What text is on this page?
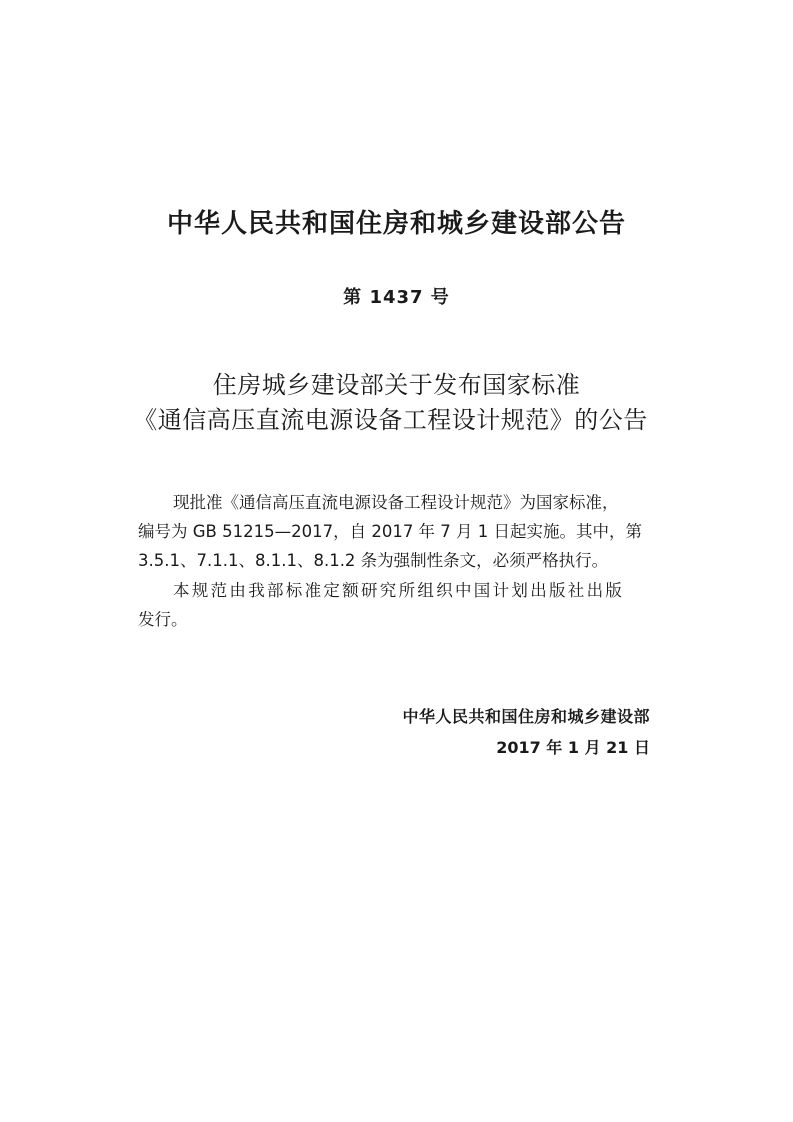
中华人民共和国住房和城乡建设部公告
第 1437 号
住房城乡建设部关于发布国家标准
《通信高压直流电源设备工程设计规范》的公告
现批准《通信高压直流电源设备工程设计规范》为国家标准，
编号为 GB 51215—2017，自 2017 年 7 月 1 日起实施。其中，第
3.5.1、7.1.1、8.1.1、8.1.2 条为强制性条文，必须严格执行。
本规范由我部标准定额研究所组织中国计划出版社出版
发行。
中华人民共和国住房和城乡建设部
2017 年 1 月 21 日
